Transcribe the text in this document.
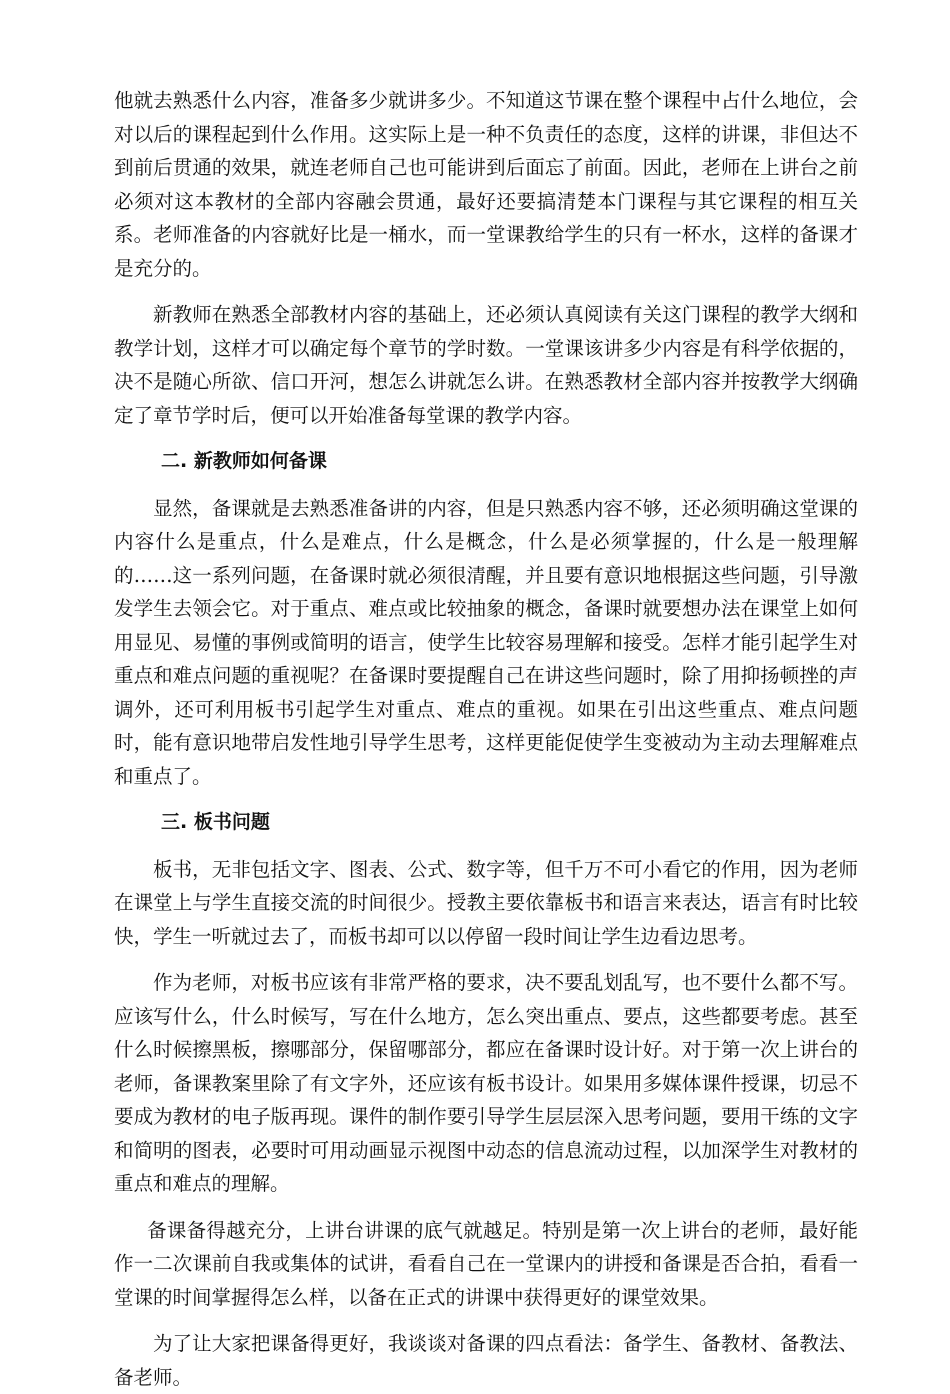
他就去熟悉什么内容，准备多少就讲多少。不知道这节课在整个课程中占什么地位，会对以后的课程起到什么作用。这实际上是一种不负责任的态度，这样的讲课，非但达不到前后贯通的效果，就连老师自己也可能讲到后面忘了前面。因此，老师在上讲台之前必须对这本教材的全部内容融会贯通，最好还要搞清楚本门课程与其它课程的相互关系。老师准备的内容就好比是一桶水，而一堂课教给学生的只有一杯水，这样的备课才是充分的。

新教师在熟悉全部教材内容的基础上，还必须认真阅读有关这门课程的教学大纲和教学计划，这样才可以确定每个章节的学时数。一堂课该讲多少内容是有科学依据的，决不是随心所欲、信口开河，想怎么讲就怎么讲。在熟悉教材全部内容并按教学大纲确定了章节学时后，便可以开始准备每堂课的教学内容。

二. 新教师如何备课

显然，备课就是去熟悉准备讲的内容，但是只熟悉内容不够，还必须明确这堂课的内容什么是重点，什么是难点，什么是概念，什么是必须掌握的，什么是一般理解的……这一系列问题，在备课时就必须很清醒，并且要有意识地根据这些问题，引导激发学生去领会它。对于重点、难点或比较抽象的概念，备课时就要想办法在课堂上如何用显见、易懂的事例或简明的语言，使学生比较容易理解和接受。怎样才能引起学生对重点和难点问题的重视呢？在备课时要提醒自己在讲这些问题时，除了用抑扬顿挫的声调外，还可利用板书引起学生对重点、难点的重视。如果在引出这些重点、难点问题时，能有意识地带启发性地引导学生思考，这样更能促使学生变被动为主动去理解难点和重点了。

三. 板书问题

板书，无非包括文字、图表、公式、数字等，但千万不可小看它的作用，因为老师在课堂上与学生直接交流的时间很少。授教主要依靠板书和语言来表达，语言有时比较快，学生一听就过去了，而板书却可以以停留一段时间让学生边看边思考。

作为老师，对板书应该有非常严格的要求，决不要乱划乱写，也不要什么都不写。应该写什么，什么时候写，写在什么地方，怎么突出重点、要点，这些都要考虑。甚至什么时候擦黑板，擦哪部分，保留哪部分，都应在备课时设计好。对于第一次上讲台的老师，备课教案里除了有文字外，还应该有板书设计。如果用多媒体课件授课，切忌不要成为教材的电子版再现。课件的制作要引导学生层层深入思考问题，要用干练的文字和简明的图表，必要时可用动画显示视图中动态的信息流动过程，以加深学生对教材的重点和难点的理解。

备课备得越充分，上讲台讲课的底气就越足。特别是第一次上讲台的老师，最好能作一二次课前自我或集体的试讲，看看自己在一堂课内的讲授和备课是否合拍，看看一堂课的时间掌握得怎么样，以备在正式的讲课中获得更好的课堂效果。

为了让大家把课备得更好，我谈谈对备课的四点看法：备学生、备教材、备教法、备老师。
